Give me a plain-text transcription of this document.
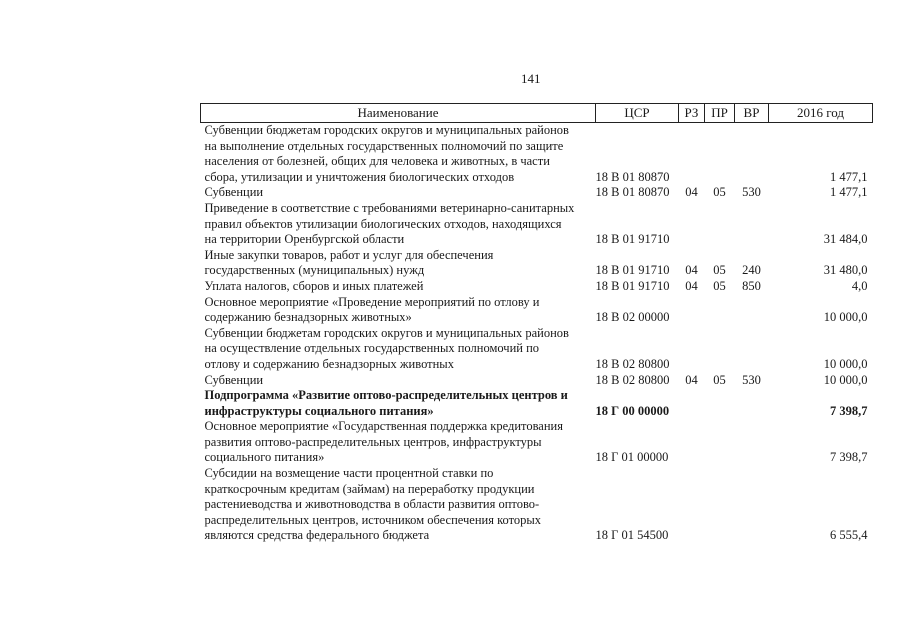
141
Наименование	ЦСР	РЗ	ПР	ВР	2016 год
Субвенции бюджетам городских округов и муниципальных районов
на выполнение отдельных государственных полномочий по защите
населения от болезней, общих для человека и животных, в части
сбора, утилизации и уничтожения биологических отходов	18 В 01 80870				1 477,1
Субвенции	18 В 01 80870	04	05	530	1 477,1
Приведение в соответствие с требованиями ветеринарно-санитарных
правил объектов утилизации биологических отходов, находящихся
на территории Оренбургской области	18 В 01 91710				31 484,0
Иные закупки товаров, работ и услуг для обеспечения
государственных (муниципальных) нужд	18 В 01 91710	04	05	240	31 480,0
Уплата налогов, сборов и иных платежей	18 В 01 91710	04	05	850	4,0
Основное мероприятие «Проведение мероприятий по отлову и
содержанию безнадзорных животных»	18 В 02 00000				10 000,0
Субвенции бюджетам городских округов и муниципальных районов
на осуществление отдельных государственных полномочий по
отлову и содержанию безнадзорных животных	18 В 02 80800				10 000,0
Субвенции	18 В 02 80800	04	05	530	10 000,0
Подпрограмма «Развитие оптово-распределительных центров и
инфраструктуры социального питания»	18 Г 00 00000				7 398,7
Основное мероприятие «Государственная поддержка кредитования
развития оптово-распределительных центров, инфраструктуры
социального питания»	18 Г 01 00000				7 398,7
Субсидии на возмещение части процентной ставки по
краткосрочным кредитам (займам) на переработку продукции
растениеводства и животноводства в области развития оптово-
распределительных центров, источником обеспечения которых
являются средства федерального бюджета	18 Г 01 54500				6 555,4
